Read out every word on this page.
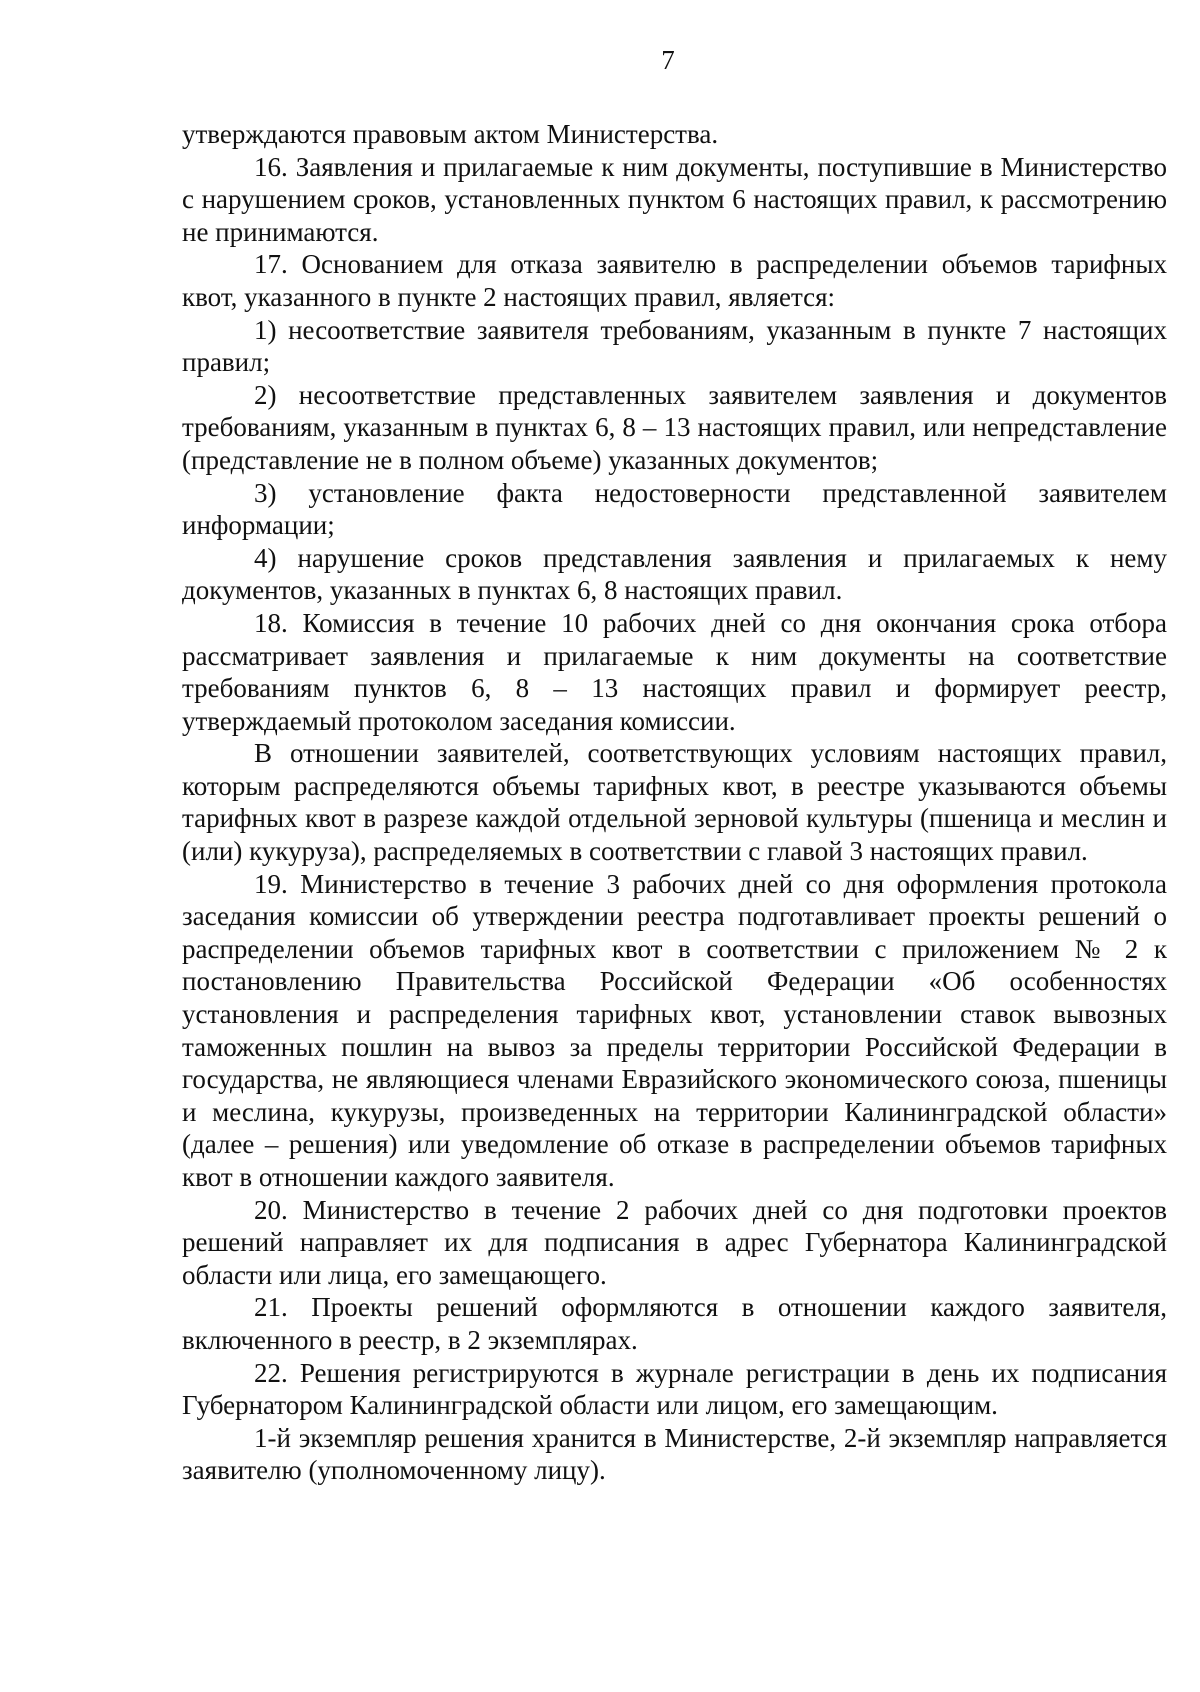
7

утверждаются правовым актом Министерства.

16. Заявления и прилагаемые к ним документы, поступившие в Министерство с нарушением сроков, установленных пунктом 6 настоящих правил, к рассмотрению не принимаются.

17. Основанием для отказа заявителю в распределении объемов тарифных квот, указанного в пункте 2 настоящих правил, является:

1) несоответствие заявителя требованиям, указанным в пункте 7 настоящих правил;

2) несоответствие представленных заявителем заявления и документов требованиям, указанным в пунктах 6, 8 – 13 настоящих правил, или непредставление (представление не в полном объеме) указанных документов;

3) установление факта недостоверности представленной заявителем информации;

4) нарушение сроков представления заявления и прилагаемых к нему документов, указанных в пунктах 6, 8 настоящих правил.

18. Комиссия в течение 10 рабочих дней со дня окончания срока отбора рассматривает заявления и прилагаемые к ним документы на соответствие требованиям пунктов 6, 8 – 13 настоящих правил и формирует реестр, утверждаемый протоколом заседания комиссии.

В отношении заявителей, соответствующих условиям настоящих правил, которым распределяются объемы тарифных квот, в реестре указываются объемы тарифных квот в разрезе каждой отдельной зерновой культуры (пшеница и меслин и (или) кукуруза), распределяемых в соответствии с главой 3 настоящих правил.

19. Министерство в течение 3 рабочих дней со дня оформления протокола заседания комиссии об утверждении реестра подготавливает проекты решений о распределении объемов тарифных квот в соответствии с приложением № 2 к постановлению Правительства Российской Федерации «Об особенностях установления и распределения тарифных квот, установлении ставок вывозных таможенных пошлин на вывоз за пределы территории Российской Федерации в государства, не являющиеся членами Евразийского экономического союза, пшеницы и меслина, кукурузы, произведенных на территории Калининградской области» (далее – решения) или уведомление об отказе в распределении объемов тарифных квот в отношении каждого заявителя.

20. Министерство в течение 2 рабочих дней со дня подготовки проектов решений направляет их для подписания в адрес Губернатора Калининградской области или лица, его замещающего.

21. Проекты решений оформляются в отношении каждого заявителя, включенного в реестр, в 2 экземплярах.

22. Решения регистрируются в журнале регистрации в день их подписания Губернатором Калининградской области или лицом, его замещающим.

1-й экземпляр решения хранится в Министерстве, 2-й экземпляр направляется заявителю (уполномоченному лицу).
